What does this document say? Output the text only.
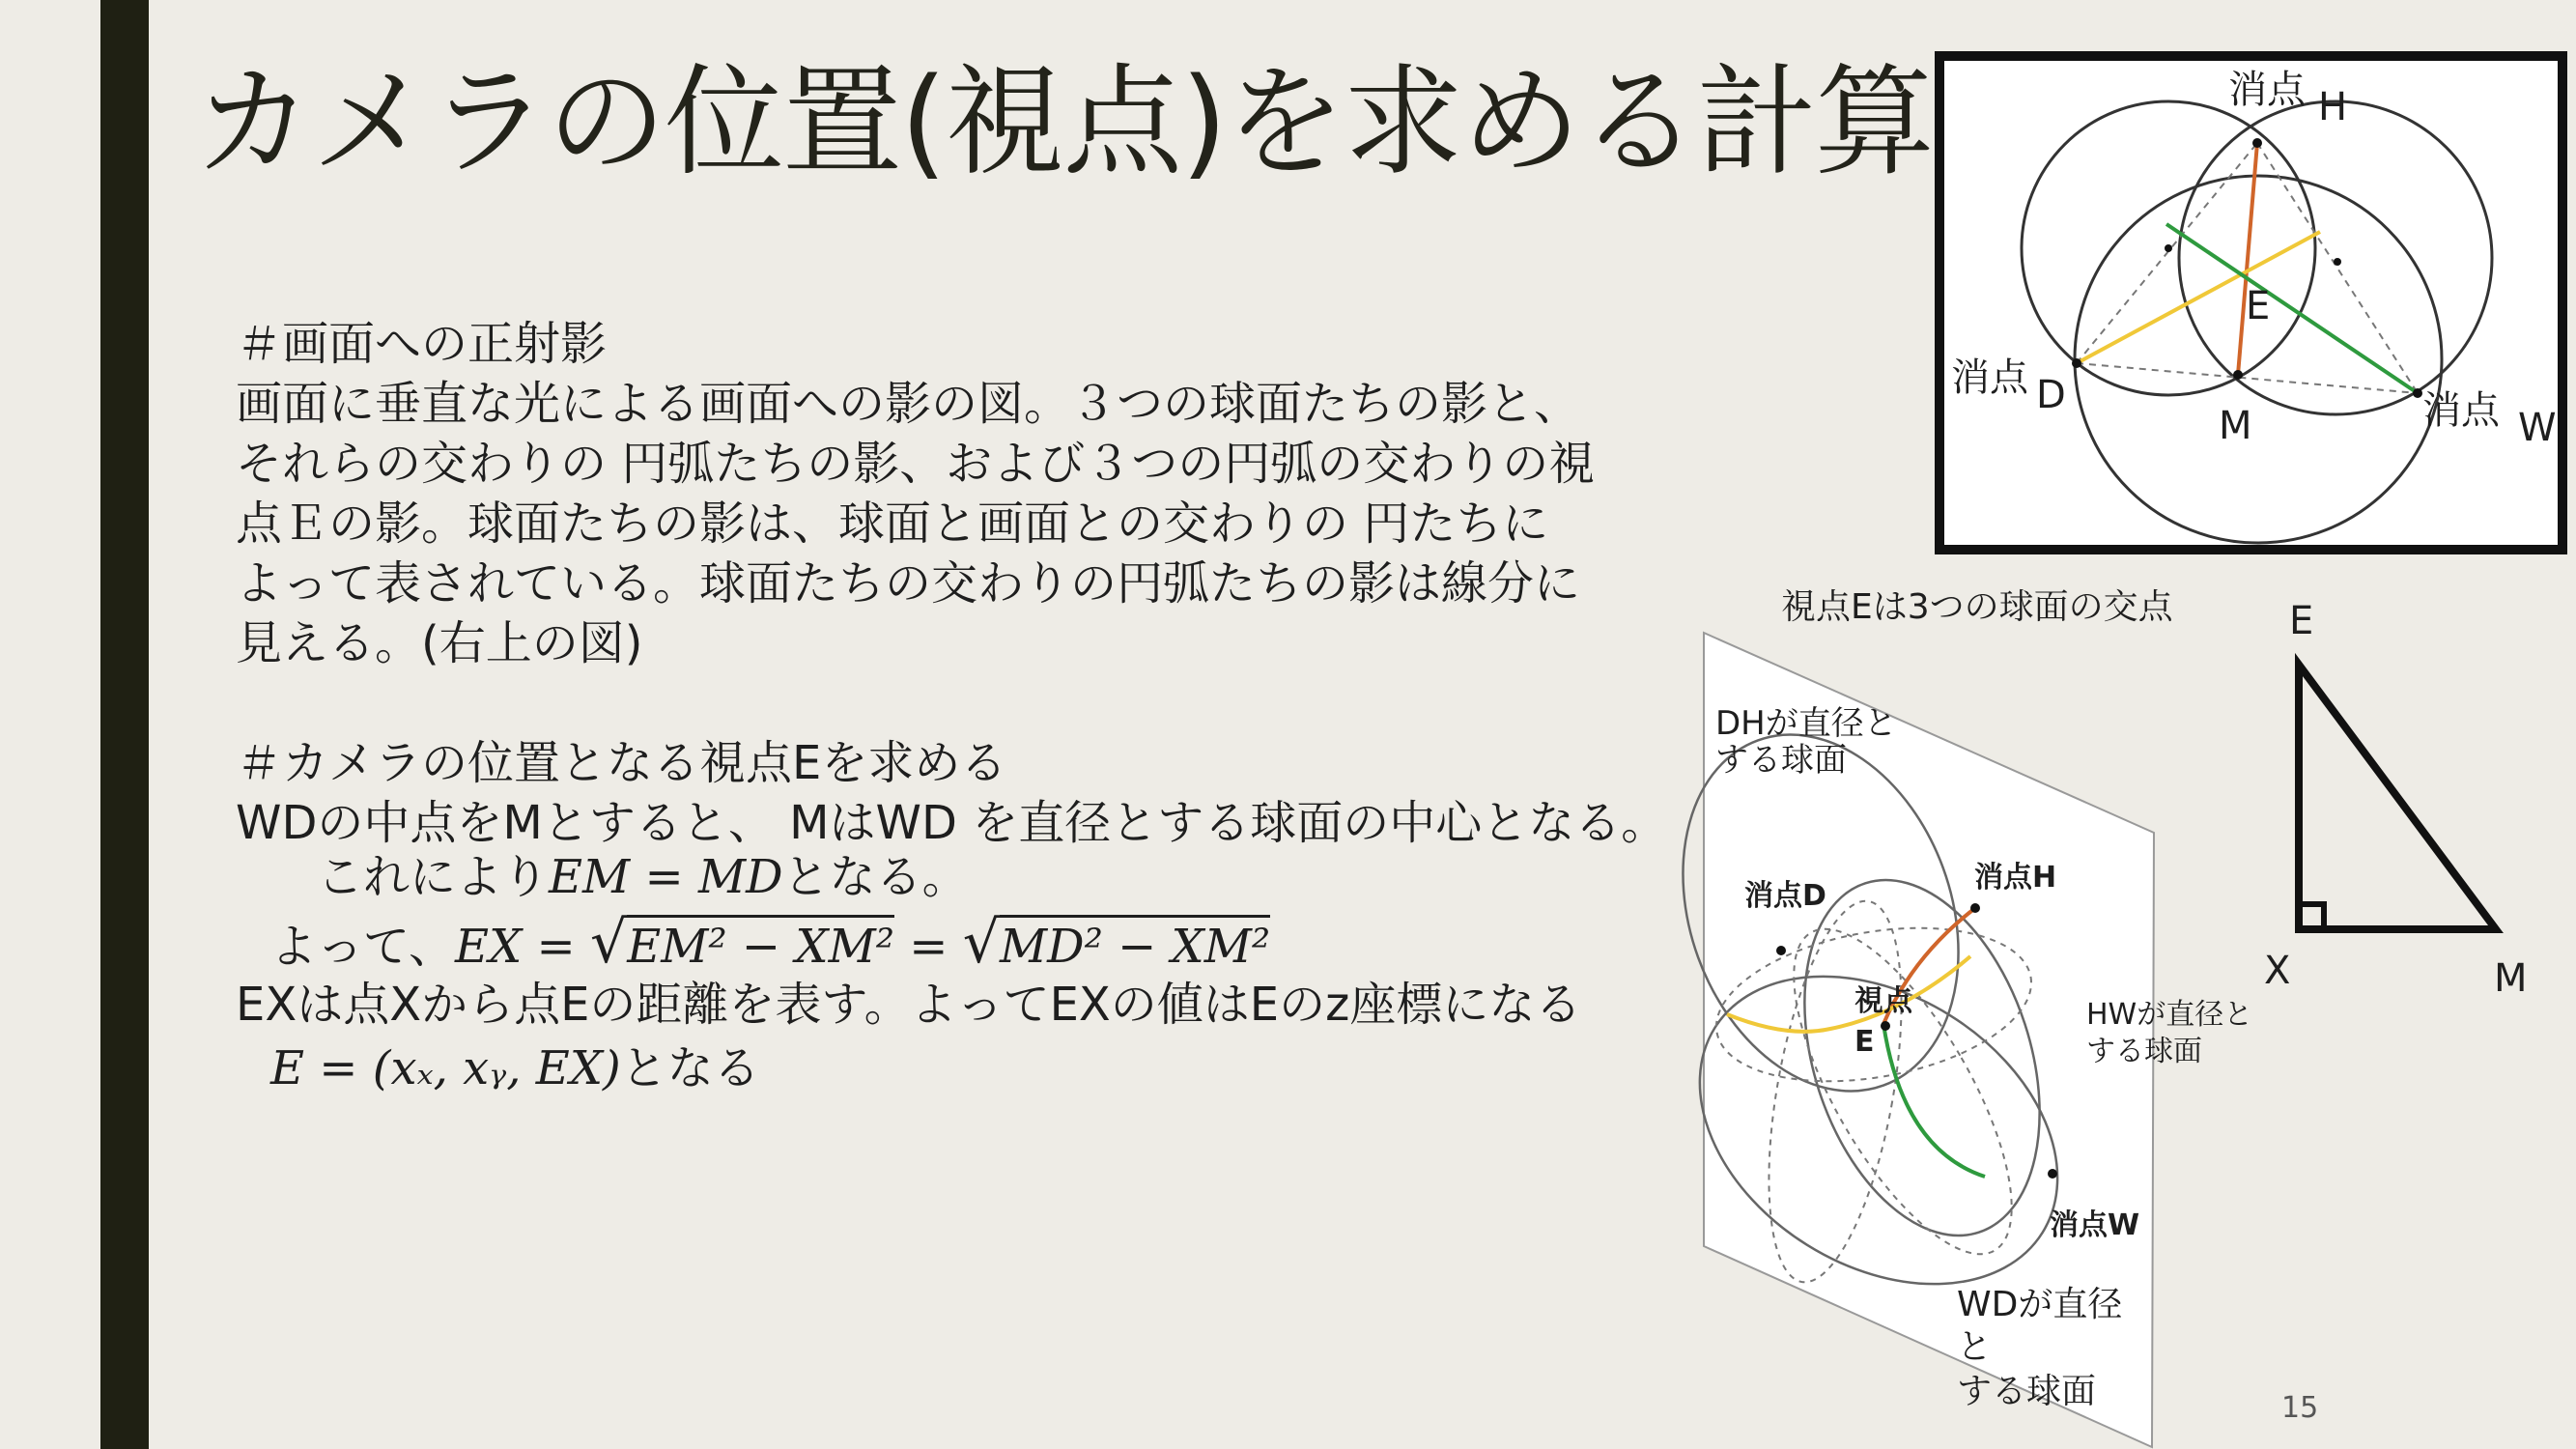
カメラの位置(視点)を求める計算
＃画面への正射影
画面に垂直な光による画面への影の図。３つの球面たちの影と、
それらの交わりの 円弧たちの影、および３つの円弧の交わりの視
点Ｅの影。球面たちの影は、球面と画面との交わりの 円たちに
よって表されている。球面たちの交わりの円弧たちの影は線分に
見える。(右上の図)
＃カメラの位置となる視点Eを求める
WDの中点をMとすると、 MはWD を直径とする球面の中心となる。
これによりEM = MDとなる。
よって、EX = √EM² − XM² = √MD² − XM²
EXは点Xから点Eの距離を表す。よってEXの値はEのz座標になる
E = (xₓ, xᵧ, EX)となる
消点 H
消点 D	消点 W
E
M
視点Eは3つの球面の交点
DHが直径と
する球面
消点D
消点H
視点
E
HWが直径と
する球面
消点W
WDが直径
と
する球面
E
X	M
15
